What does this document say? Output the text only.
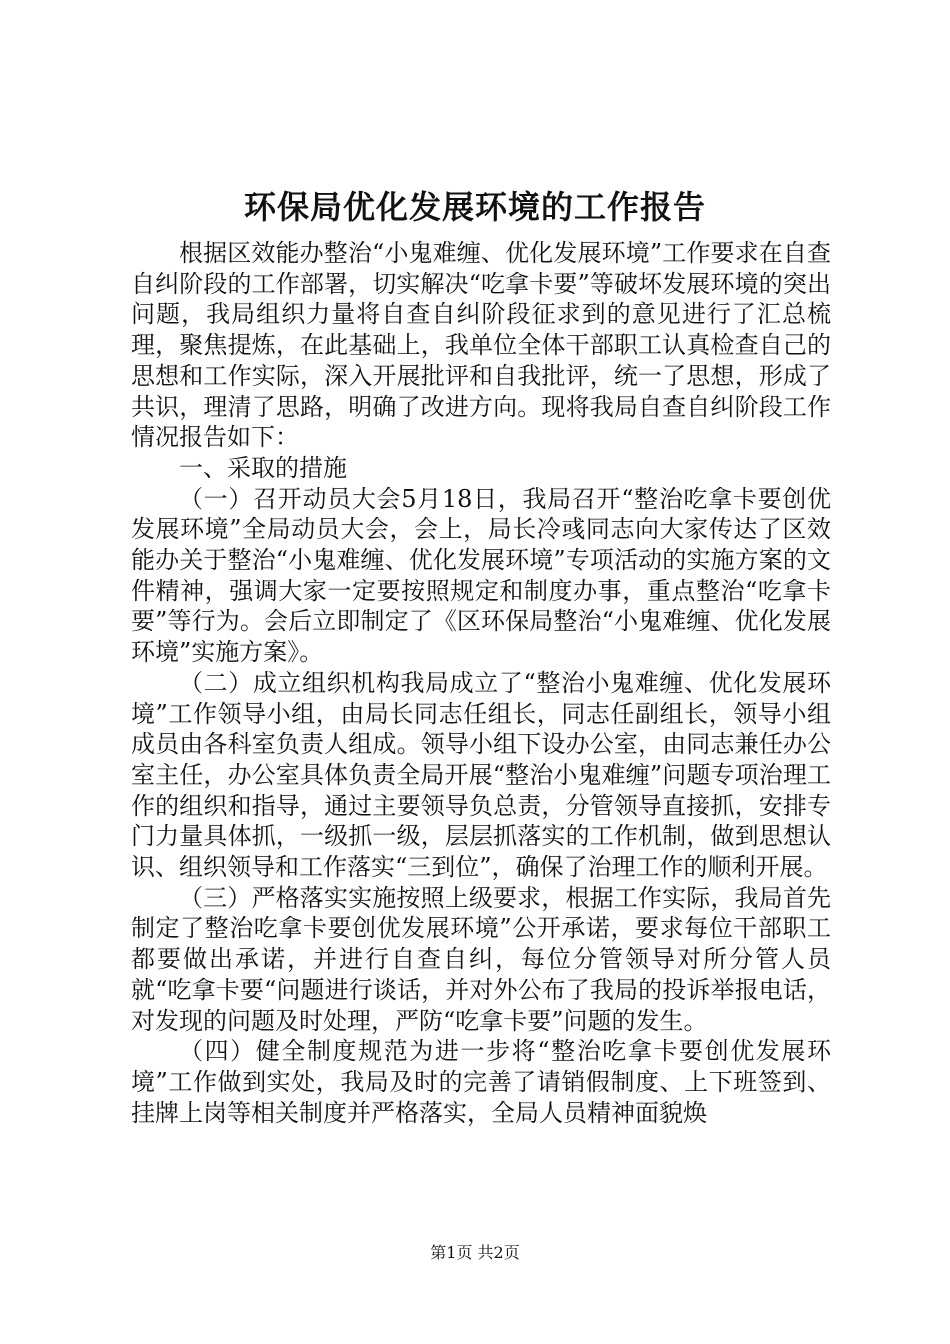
环保局优化发展环境的工作报告

根据区效能办整治“小鬼难缠、优化发展环境”工作要求在自查自纠阶段的工作部署，切实解决“吃拿卡要”等破坏发展环境的突出问题，我局组织力量将自查自纠阶段征求到的意见进行了汇总梳理，聚焦提炼，在此基础上，我单位全体干部职工认真检查自己的思想和工作实际，深入开展批评和自我批评，统一了思想，形成了共识，理清了思路，明确了改进方向。现将我局自查自纠阶段工作情况报告如下：

一、采取的措施

（一）召开动员大会5月18日，我局召开“整治吃拿卡要创优发展环境”全局动员大会，会上，局长冷彧同志向大家传达了区效能办关于整治“小鬼难缠、优化发展环境”专项活动的实施方案的文件精神，强调大家一定要按照规定和制度办事，重点整治“吃拿卡要”等行为。会后立即制定了《区环保局整治“小鬼难缠、优化发展环境”实施方案》。

（二）成立组织机构我局成立了“整治小鬼难缠、优化发展环境”工作领导小组，由局长同志任组长，同志任副组长，领导小组成员由各科室负责人组成。领导小组下设办公室，由同志兼任办公室主任，办公室具体负责全局开展“整治小鬼难缠”问题专项治理工作的组织和指导，通过主要领导负总责，分管领导直接抓，安排专门力量具体抓，一级抓一级，层层抓落实的工作机制，做到思想认识、组织领导和工作落实“三到位”，确保了治理工作的顺利开展。

（三）严格落实实施按照上级要求，根据工作实际，我局首先制定了整治吃拿卡要创优发展环境”公开承诺，要求每位干部职工都要做出承诺，并进行自查自纠，每位分管领导对所分管人员就“吃拿卡要“问题进行谈话，并对外公布了我局的投诉举报电话，对发现的问题及时处理，严防“吃拿卡要”问题的发生。

（四）健全制度规范为进一步将“整治吃拿卡要创优发展环境”工作做到实处，我局及时的完善了请销假制度、上下班签到、挂牌上岗等相关制度并严格落实，全局人员精神面貌焕

第1页 共2页
